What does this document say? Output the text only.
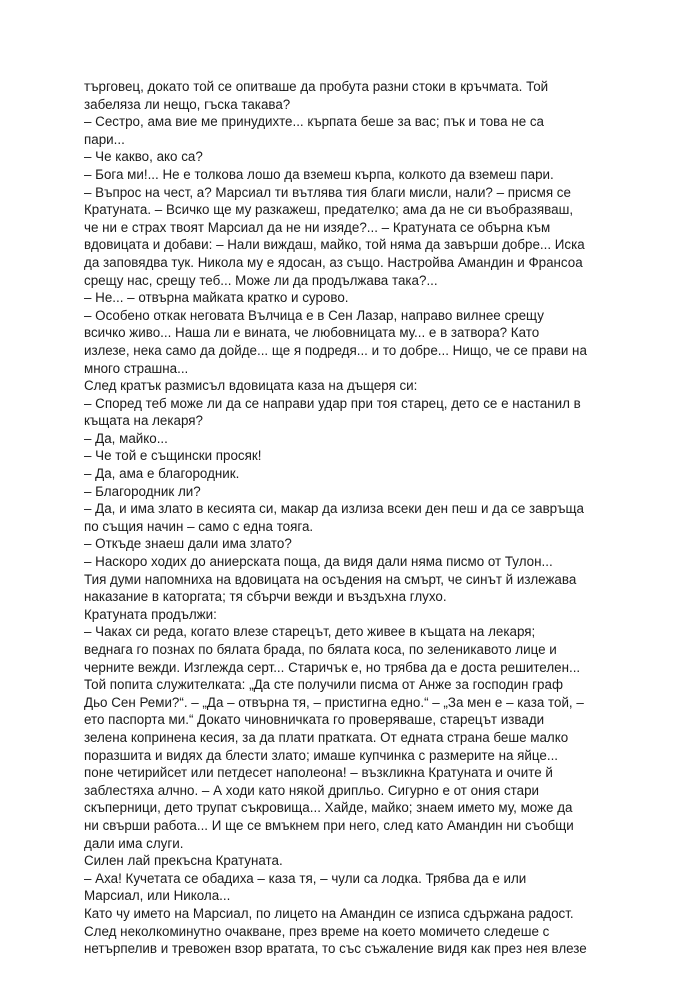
търговец, докато той се опитваше да пробута разни стоки в кръчмата. Той
забеляза ли нещо, гъска такава?
– Сестро, ама вие ме принудихте... кърпата беше за вас; пък и това не са
пари...
– Че какво, ако са?
– Бога ми!... Не е толкова лошо да вземеш кърпа, колкото да вземеш пари.
– Въпрос на чест, а? Марсиал ти вътлява тия благи мисли, нали? – присмя се
Кратуната. – Всичко ще му разкажеш, предателко; ама да не си въобразяваш,
че ни е страх твоят Марсиал да не ни изяде?... – Кратуната се обърна към
вдовицата и добави: – Нали виждаш, майко, той няма да завърши добре... Иска
да заповядва тук. Никола му е ядосан, аз също. Настройва Амандин и Франсоа
срещу нас, срещу теб... Може ли да продължава така?...
– Не... – отвърна майката кратко и сурово.
– Особено откак неговата Вълчица е в Сен Лазар, направо вилнее срещу
всичко живо... Наша ли е вината, че любовницата му... е в затвора? Като
излезе, нека само да дойде... ще я подредя... и то добре... Нищо, че се прави на
много страшна...
След кратък размисъл вдовицата каза на дъщеря си:
– Според теб може ли да се направи удар при тоя старец, дето се е настанил в
къщата на лекаря?
– Да, майко...
– Че той е същински просяк!
– Да, ама е благородник.
– Благородник ли?
– Да, и има злато в кесията си, макар да излиза всеки ден пеш и да се завръща
по същия начин – само с една тояга.
– Откъде знаеш дали има злато?
– Наскоро ходих до аниерската поща, да видя дали няма писмо от Тулон...
Тия думи напомниха на вдовицата на осъдения на смърт, че синът й излежава
наказание в каторгата; тя сбърчи вежди и въздъхна глухо.
Кратуната продължи:
– Чаках си реда, когато влезе старецът, дето живее в къщата на лекаря;
веднага го познах по бялата брада, по бялата коса, по зеленикавото лице и
черните вежди. Изглежда серт... Старичък е, но трябва да е доста решителен...
Той попита служителката: „Да сте получили писма от Анже за господин граф
Дьо Сен Реми?“. – „Да – отвърна тя, – пристигна едно.“ – „За мен е – каза той, –
ето паспорта ми.“ Докато чиновничката го проверяваше, старецът извади
зелена копринена кесия, за да плати пратката. От едната страна беше малко
поразшита и видях да блести злато; имаше купчинка с размерите на яйце...
поне четирийсет или петдесет наполеона! – възкликна Кратуната и очите й
заблестяха алчно. – А ходи като някой дрипльо. Сигурно е от ония стари
скъперници, дето трупат съкровища... Хайде, майко; знаем името му, може да
ни свърши работа... И ще се вмъкнем при него, след като Амандин ни съобщи
дали има слуги.
Силен лай прекъсна Кратуната.
– Аха! Кучетата се обадиха – каза тя, – чули са лодка. Трябва да е или
Марсиал, или Никола...
Като чу името на Марсиал, по лицето на Амандин се изписа сдържана радост.
След неколкоминутно очакване, през време на което момичето следеше с
нетърпелив и тревожен взор вратата, то със съжаление видя как през нея влезе
